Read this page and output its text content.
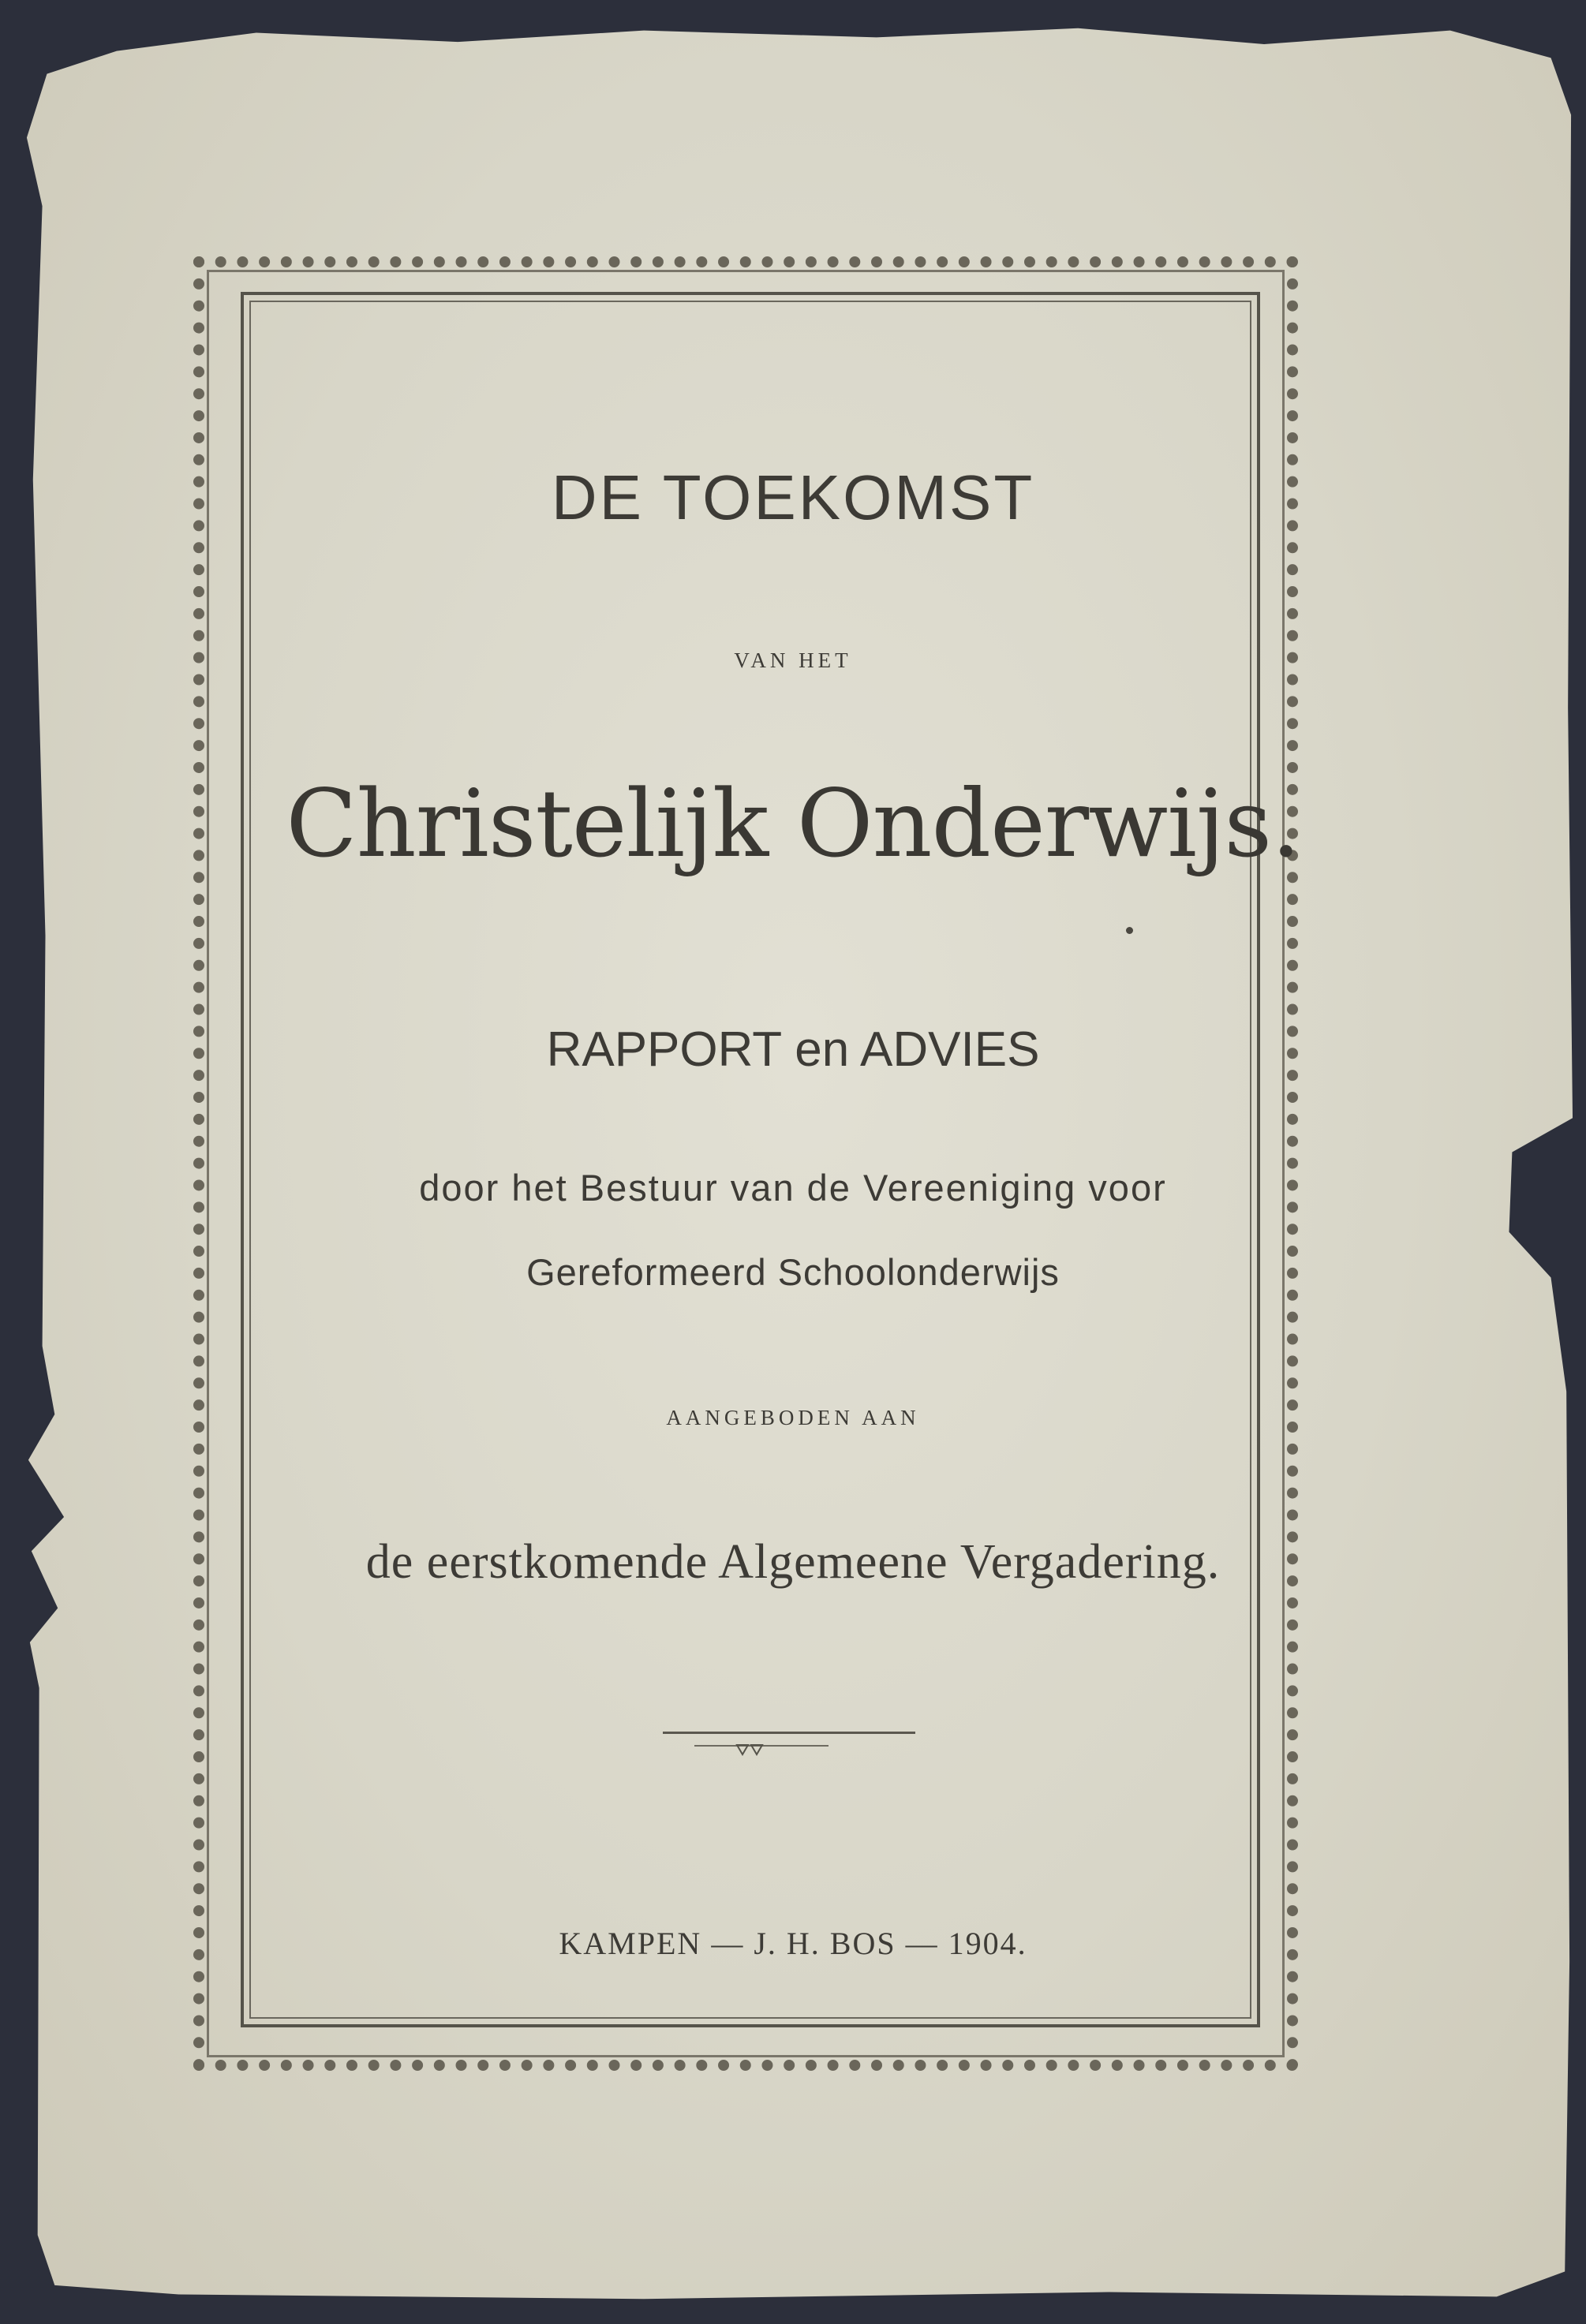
DE TOEKOMST
VAN HET
Christelijk Onderwijs.
RAPPORT en ADVIES
door het Bestuur van de Vereeniging voor
Gereformeerd Schoolonderwijs
AANGEBODEN AAN
de eerstkomende Algemeene Vergadering.
KAMPEN — J. H. BOS — 1904.
